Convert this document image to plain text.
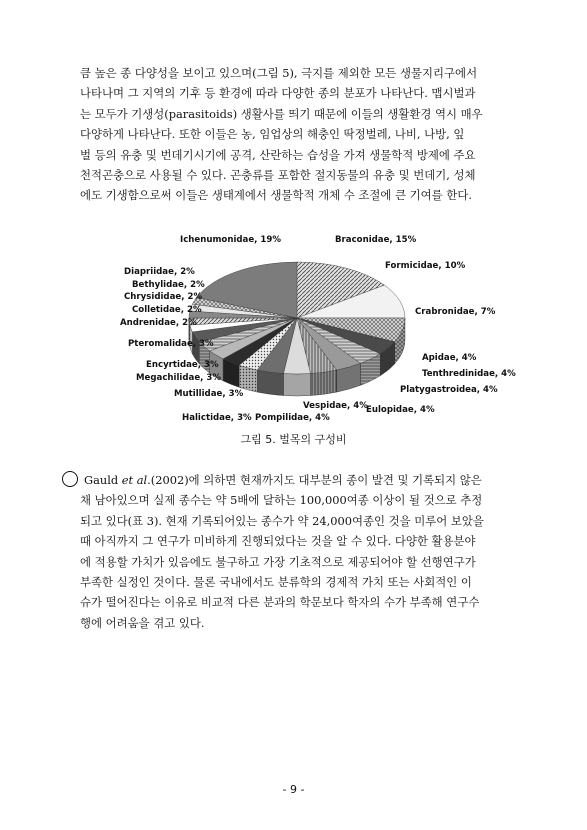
큼 높은 종 다양성을 보이고 있으며(그림 5), 극지를 제외한 모든 생물지리구에서
나타나며 그 지역의 기후 등 환경에 따라 다양한 종의 분포가 나타난다. 맵시벌과
는 모두가 기생성(parasitoids) 생활사를 띄기 때문에 이들의 생활환경 역시 매우
다양하게 나타난다. 또한 이들은 농, 임업상의 해충인 딱정벌레, 나비, 나방, 잎
벌 등의 유충 및 번데기시기에 공격, 산란하는 습성을 가져 생물학적 방제에 주요
천적곤충으로 사용될 수 있다. 곤충류를 포함한 절지동물의 유충 및 번데기, 성체
에도 기생함으로써 이들은 생태계에서 생물학적 개체 수 조절에 큰 기여를 한다.

Braconidae, 15%
Formicidae, 10%
Crabronidae, 7%
Apidae, 4%
Tenthredinidae, 4%
Platygastroidea, 4%
Eulopidae, 4%
Pompilidae, 4%
Vespidae, 4%
Halictidae, 3%
Mutillidae, 3%
Megachilidae, 3%
Encyrtidae, 3%
Pteromalidae, 3%
Andrenidae, 2%
Colletidae, 2%
Chrysididae, 2%
Bethylidae, 2%
Diapriidae, 2%
Ichenumonidae, 19%
그림 5. 벌목의 구성비

Gauld et al.(2002)에 의하면 현재까지도 대부분의 종이 발견 및 기록되지 않은
채 남아있으며 실제 종수는 약 5배에 달하는 100,000여종 이상이 될 것으로 추정
되고 있다(표 3). 현재 기록되어있는 종수가 약 24,000여종인 것을 미루어 보았을
때 아직까지 그 연구가 미비하게 진행되었다는 것을 알 수 있다. 다양한 활용분야
에 적용할 가치가 있음에도 불구하고 가장 기초적으로 제공되어야 할 선행연구가
부족한 실정인 것이다. 물론 국내에서도 분류학의 경제적 가치 또는 사회적인 이
슈가 떨어진다는 이유로 비교적 다른 분과의 학문보다 학자의 수가 부족해 연구수
행에 어려움을 겪고 있다.

- 9 -
